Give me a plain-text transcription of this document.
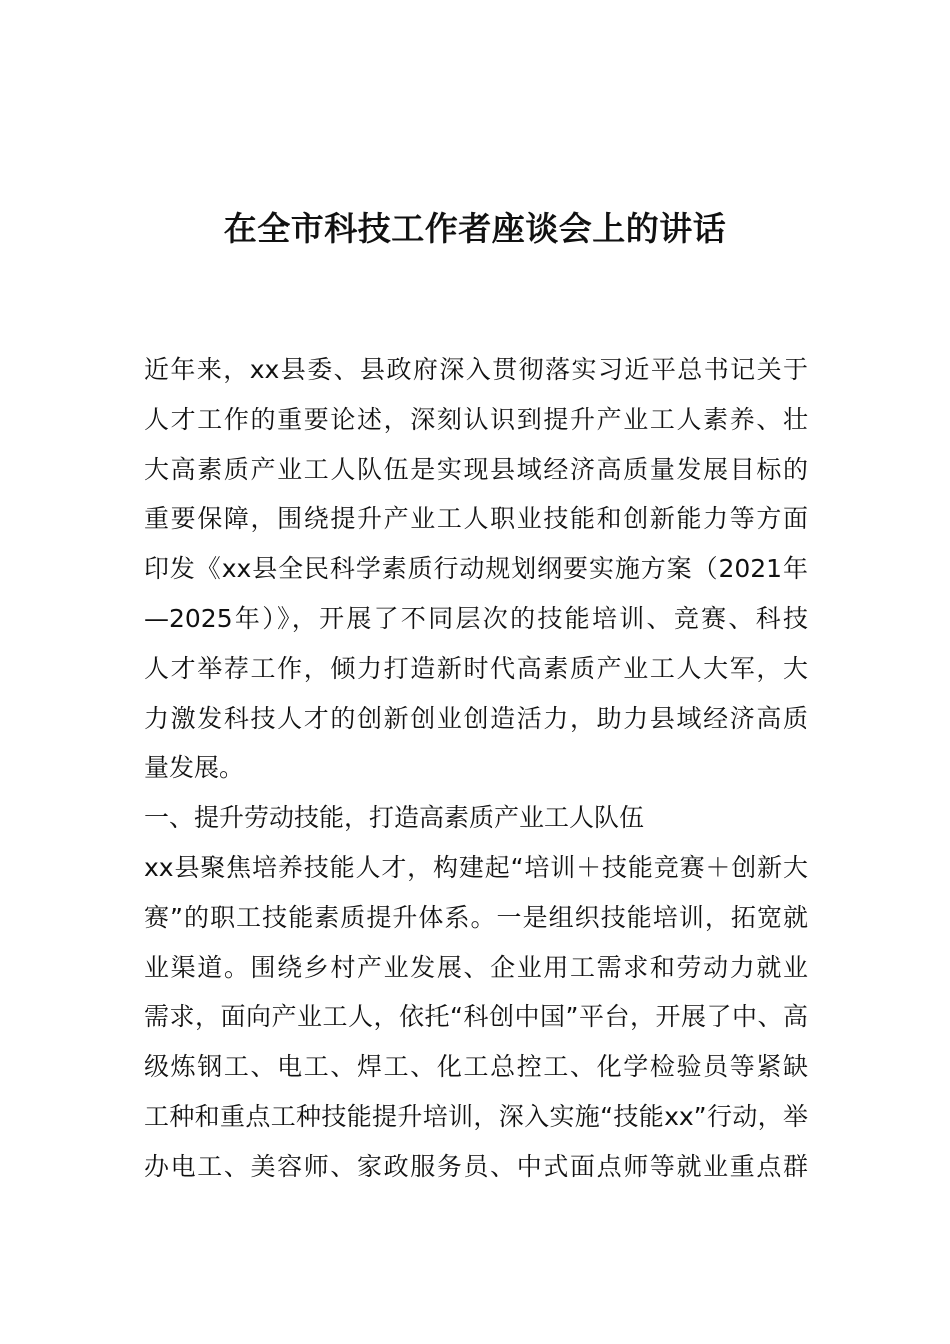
在全市科技工作者座谈会上的讲话
近年来，xx县委、县政府深入贯彻落实习近平总书记关于
人才工作的重要论述，深刻认识到提升产业工人素养、壮
大高素质产业工人队伍是实现县域经济高质量发展目标的
重要保障，围绕提升产业工人职业技能和创新能力等方面
印发《xx县全民科学素质行动规划纲要实施方案（2021年
—2025年）》，开展了不同层次的技能培训、竞赛、科技
人才举荐工作，倾力打造新时代高素质产业工人大军，大
力激发科技人才的创新创业创造活力，助力县域经济高质
量发展。
一、提升劳动技能，打造高素质产业工人队伍
xx县聚焦培养技能人才，构建起“培训＋技能竞赛＋创新大
赛”的职工技能素质提升体系。一是组织技能培训，拓宽就
业渠道。围绕乡村产业发展、企业用工需求和劳动力就业
需求，面向产业工人，依托“科创中国”平台，开展了中、高
级炼钢工、电工、焊工、化工总控工、化学检验员等紧缺
工种和重点工种技能提升培训，深入实施“技能xx”行动，举
办电工、美容师、家政服务员、中式面点师等就业重点群
